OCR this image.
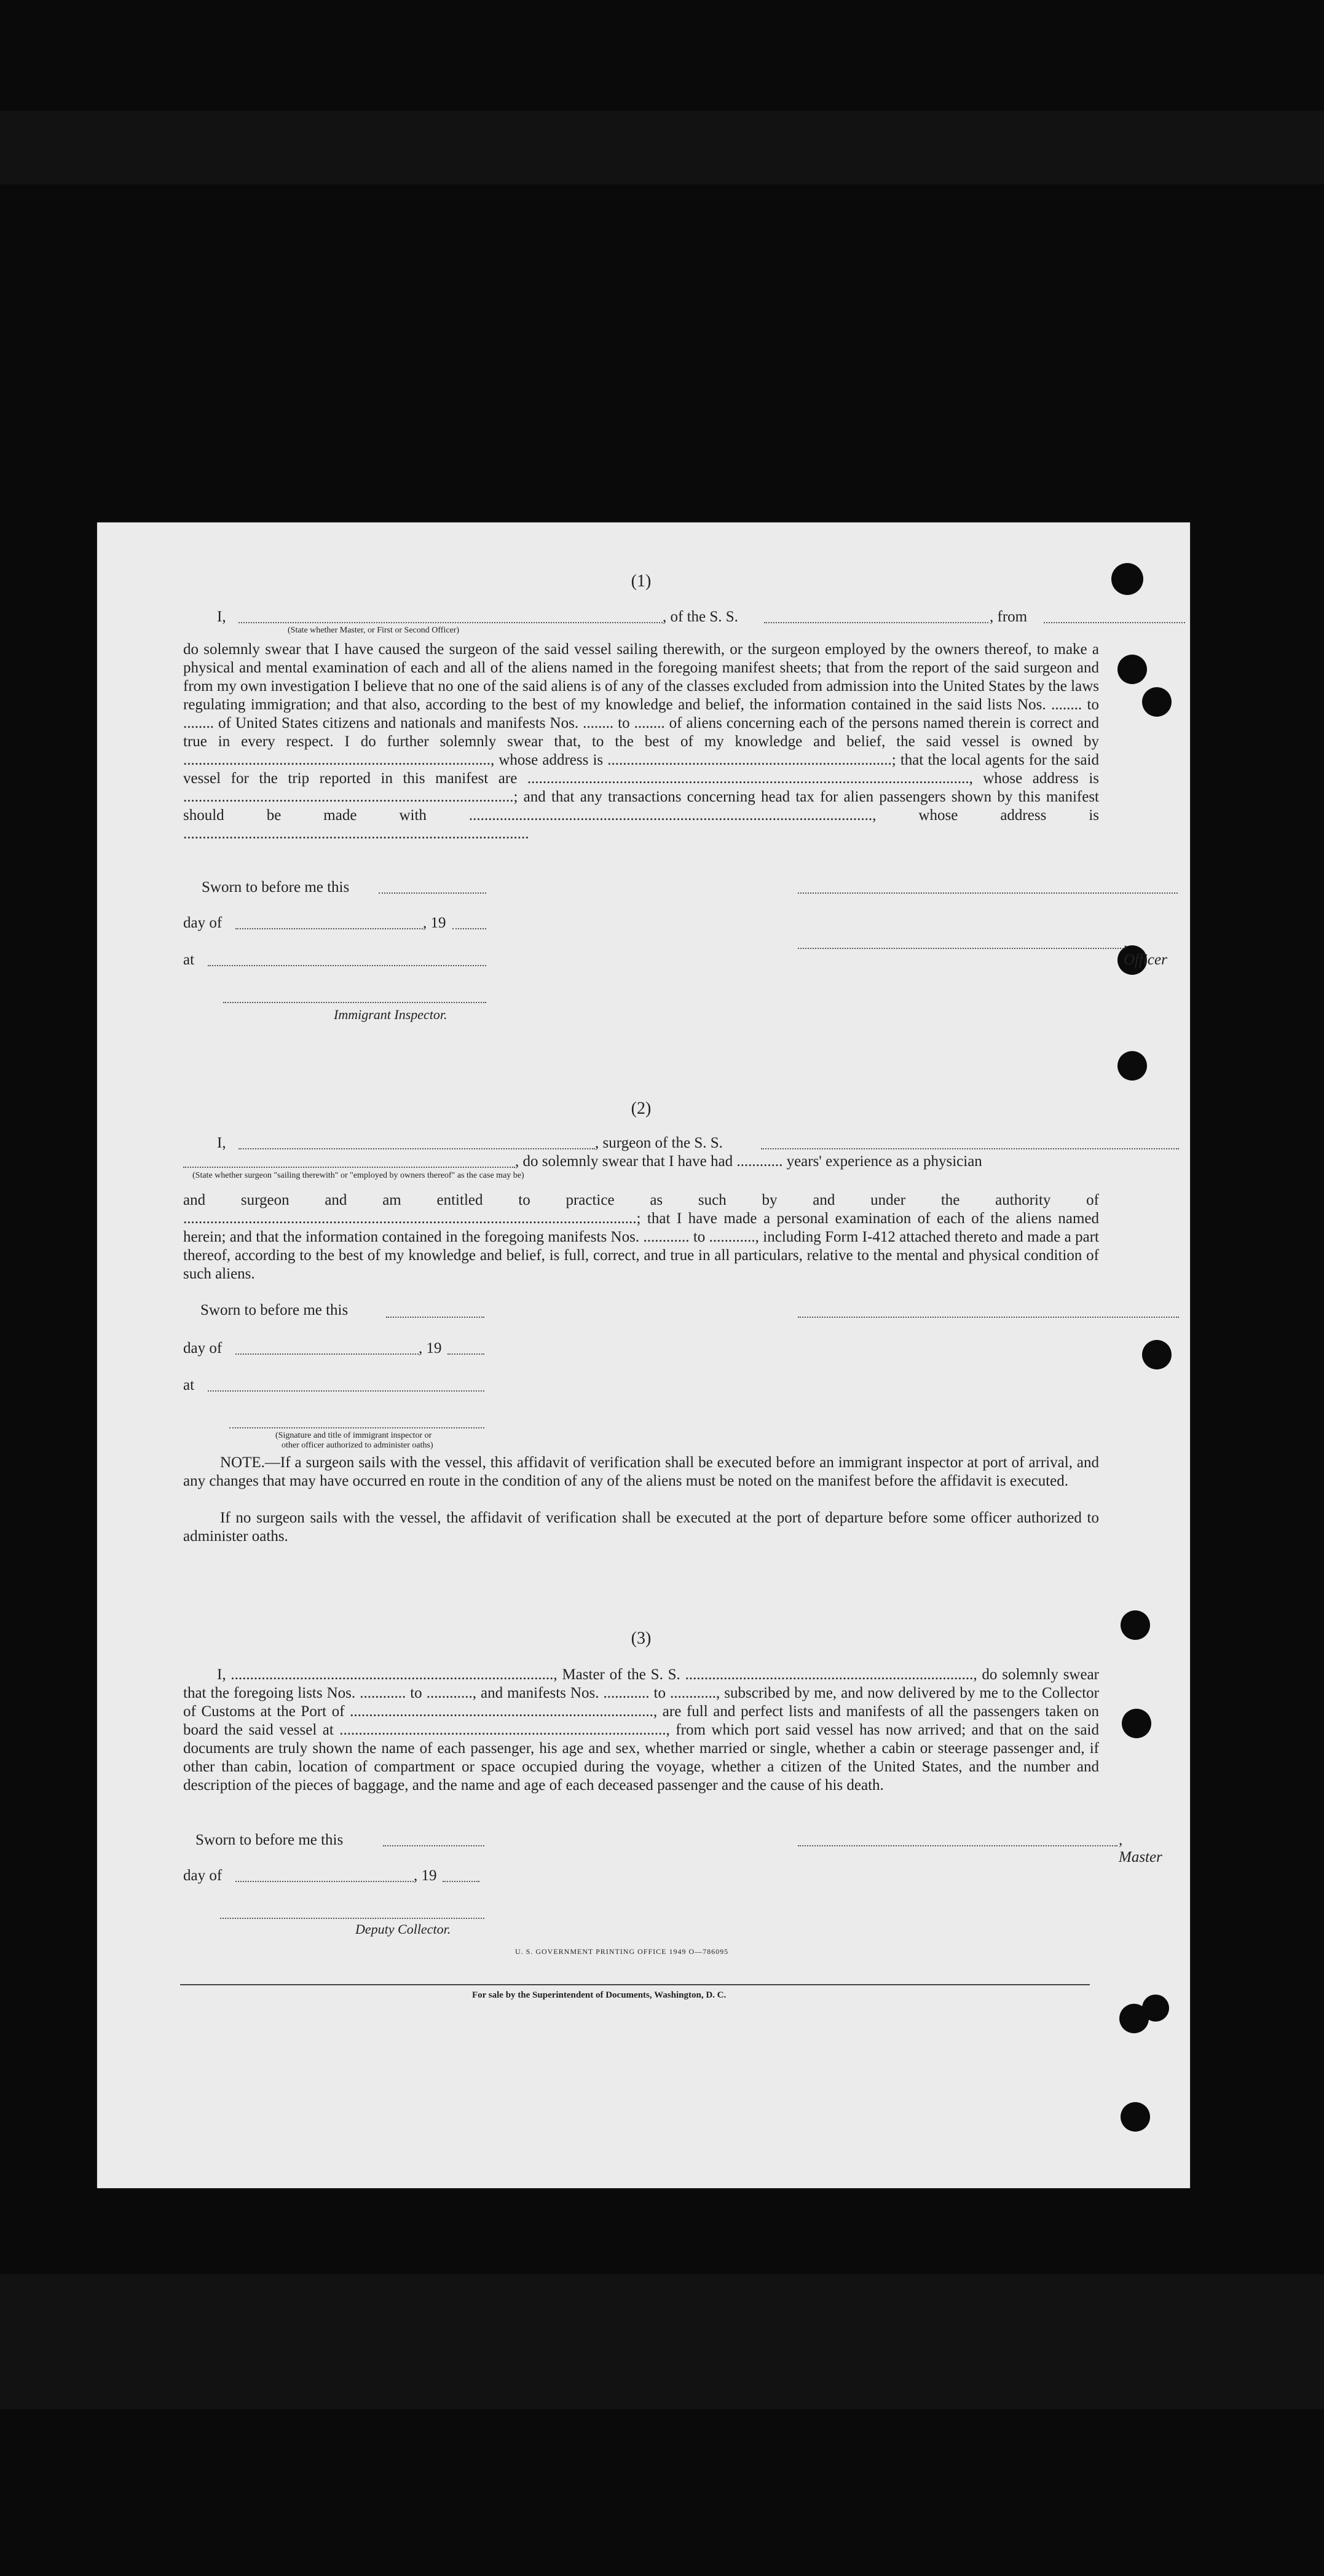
(1)
I,	, of the S. S.	, from
(State whether Master, or First or Second Officer)
do solemnly swear that I have caused the surgeon of the said vessel sailing therewith, or the surgeon employed by the owners thereof, to make a physical and mental examination of each and all of the aliens named in the foregoing manifest sheets; that from the report of the said surgeon and from my own investigation I believe that no one of the said aliens is of any of the classes excluded from admission into the United States by the laws regulating immigration; and that also, according to the best of my knowledge and belief, the information contained in the said lists Nos. ........ to ........ of United States citizens and nationals and manifests Nos. ........ to ........ of aliens concerning each of the persons named therein is correct and true in every respect. I do further solemnly swear that, to the best of my knowledge and belief, the said vessel is owned by ................................................................................, whose address is ..........................................................................; that the local agents for the said vessel for the trip reported in this manifest are ..................................................................................................................., whose address is ......................................................................................; and that any transactions concerning head tax for alien passengers shown by this manifest should be made with ........................................................................................................., whose address is ..........................................................................................
Sworn to before me this
day of	, 19
, Officer
at
Immigrant Inspector.
(2)
I,	, surgeon of the S. S.
, do solemnly swear that I have had ............ years' experience as a physician
(State whether surgeon "sailing therewith" or "employed by owners thereof" as the case may be)
and surgeon and am entitled to practice as such by and under the authority of ......................................................................................................................; that I have made a personal examination of each of the aliens named herein; and that the information contained in the foregoing manifests Nos. ............ to ............, including Form I-412 attached thereto and made a part thereof, according to the best of my knowledge and belief, is full, correct, and true in all particulars, relative to the mental and physical condition of such aliens.
Sworn to before me this
day of	, 19
at
(Signature and title of immigrant inspector or
other officer authorized to administer oaths)
NOTE.—If a surgeon sails with the vessel, this affidavit of verification shall be executed before an immigrant inspector at port of arrival, and any changes that may have occurred en route in the condition of any of the aliens must be noted on the manifest before the affidavit is executed.
If no surgeon sails with the vessel, the affidavit of verification shall be executed at the port of departure before some officer authorized to administer oaths.
(3)
I, ...................................................................................., Master of the S. S. ..........................................................................., do solemnly swear that the foregoing lists Nos. ............ to ............, and manifests Nos. ............ to ............, subscribed by me, and now delivered by me to the Collector of Customs at the Port of ..............................................................................., are full and perfect lists and manifests of all the passengers taken on board the said vessel at ....................................................................................., from which port said vessel has now arrived; and that on the said documents are truly shown the name of each passenger, his age and sex, whether married or single, whether a cabin or steerage passenger and, if other than cabin, location of compartment or space occupied during the voyage, whether a citizen of the United States, and the number and description of the pieces of baggage, and the name and age of each deceased passenger and the cause of his death.
Sworn to before me this	, Master
day of	, 19
Deputy Collector.
U. S. GOVERNMENT PRINTING OFFICE 1949 O—786095
For sale by the Superintendent of Documents, Washington, D. C.
